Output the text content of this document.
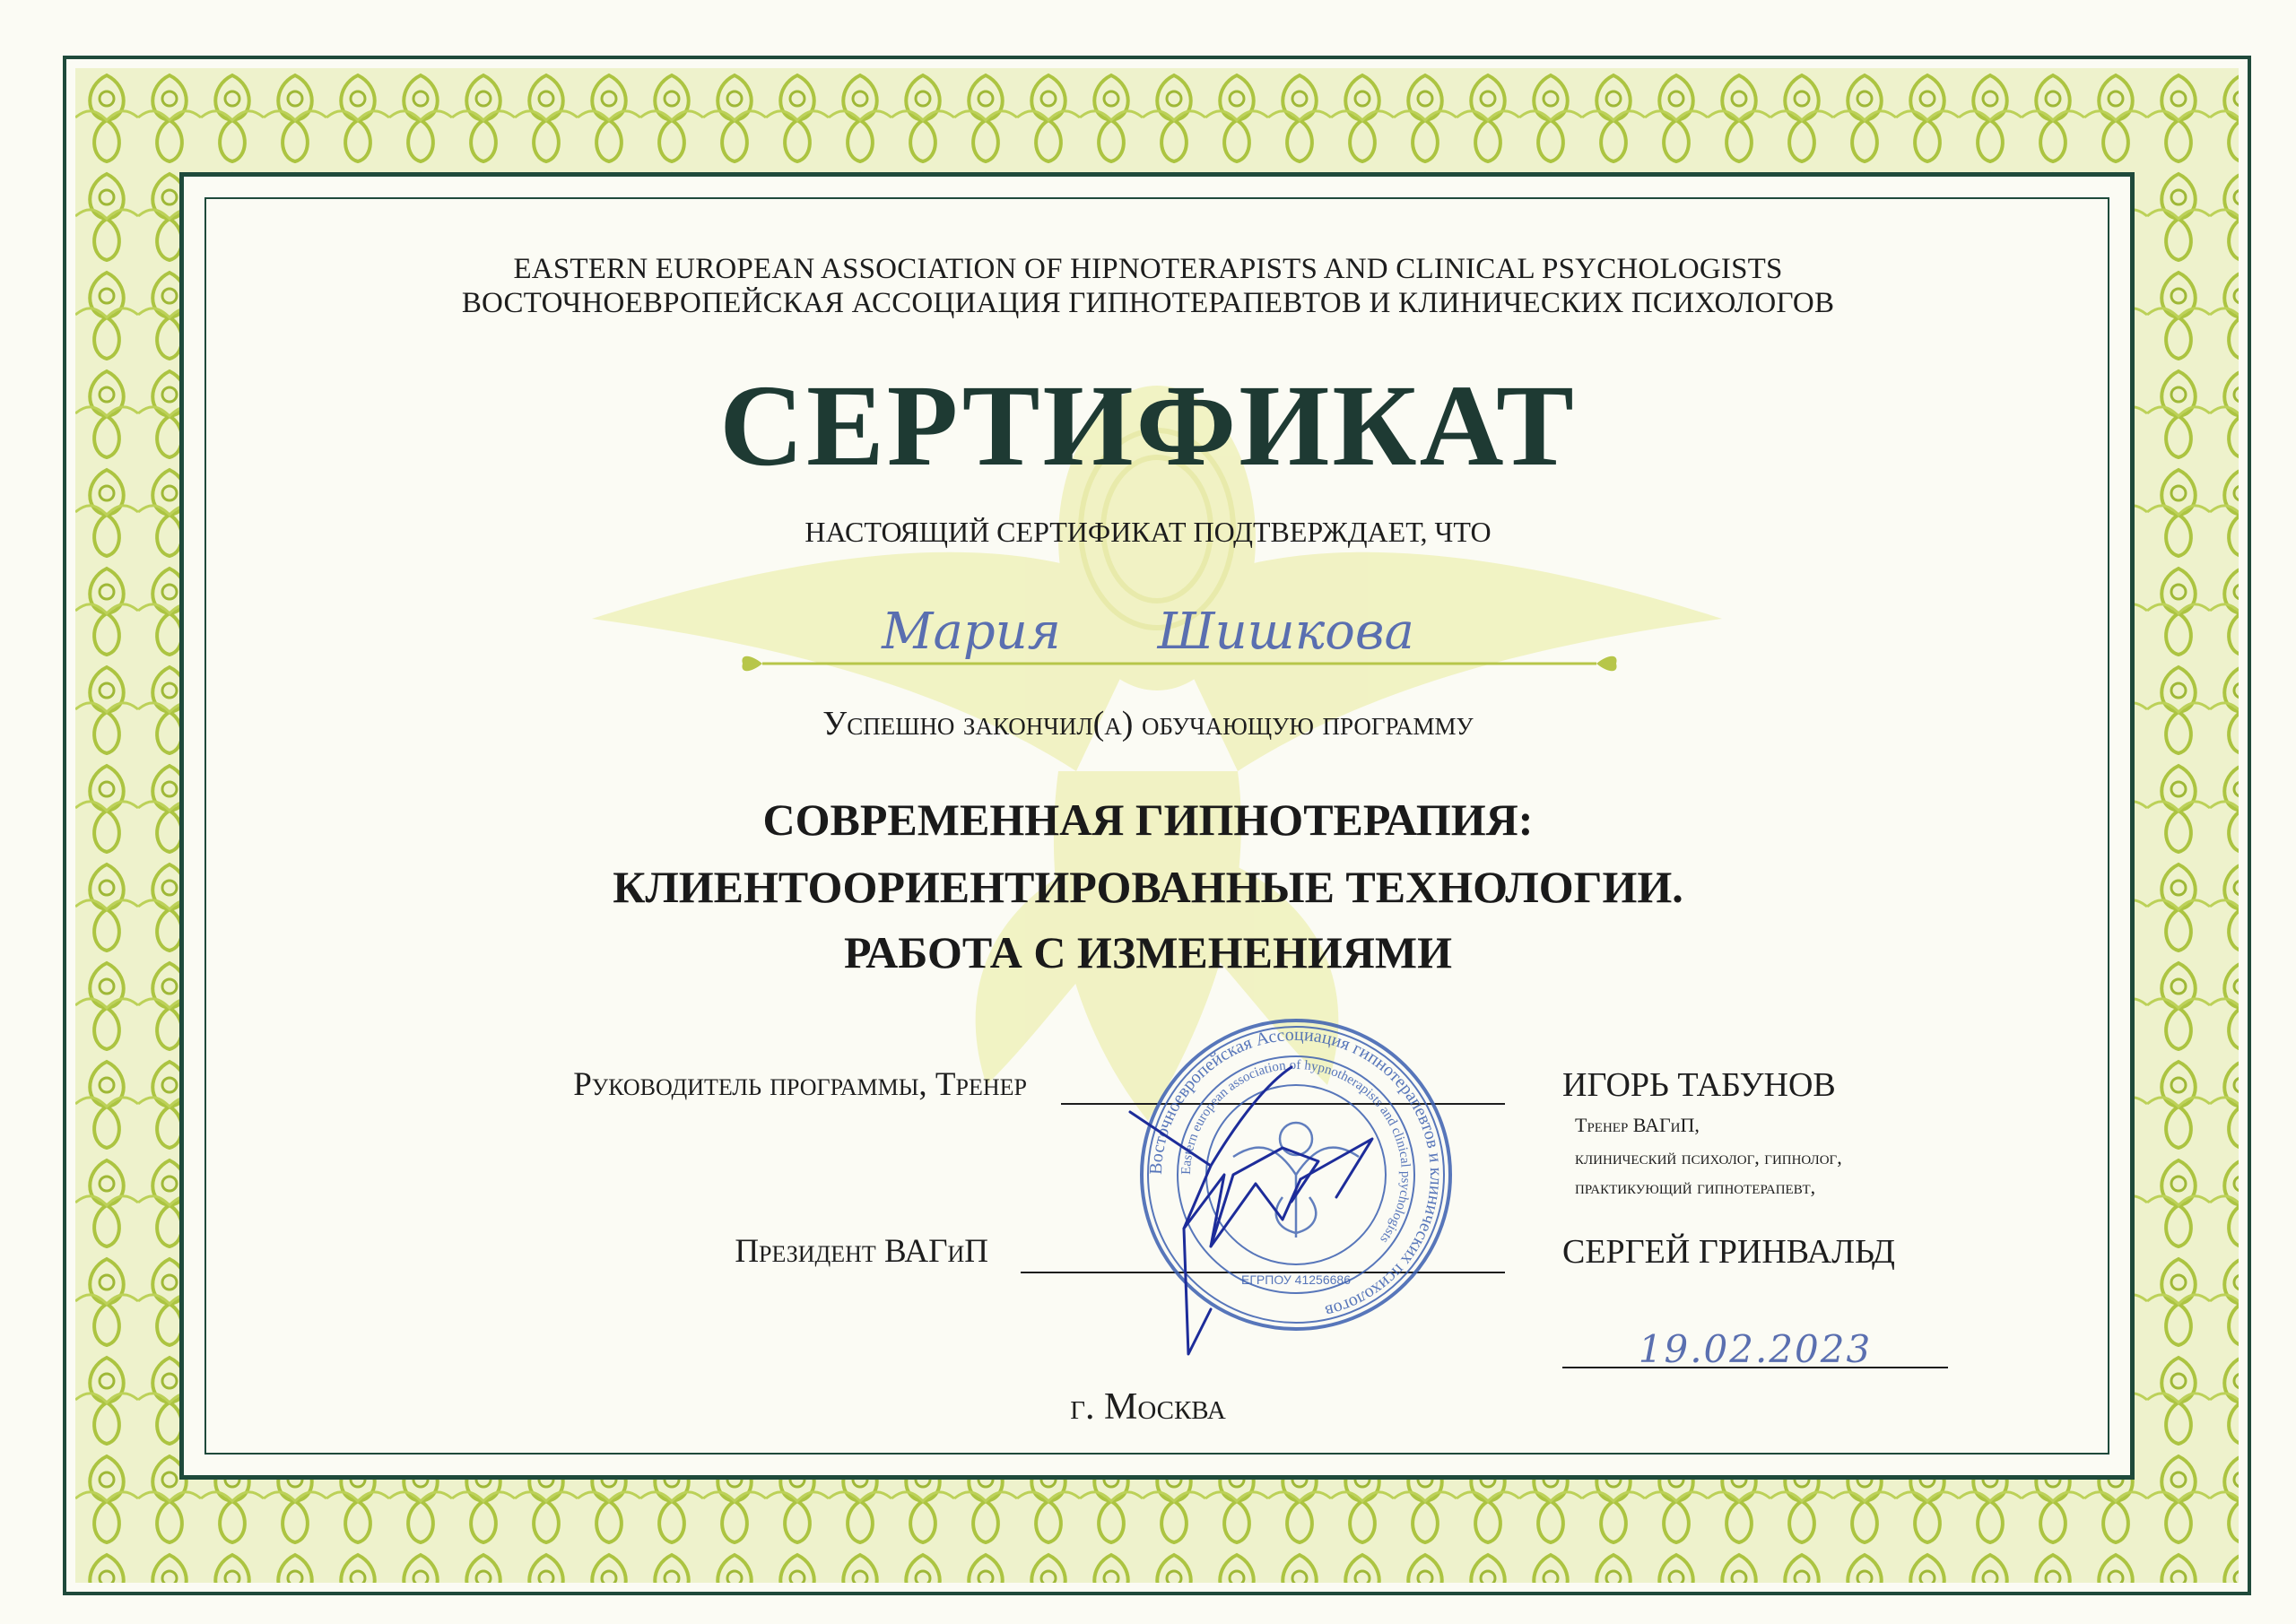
EASTERN EUROPEAN ASSOCIATION OF HIPNOTERAPISTS AND CLINICAL PSYCHOLOGISTS
ВОСТОЧНОЕВРОПЕЙСКАЯ АССОЦИАЦИЯ ГИПНОТЕРАПЕВТОВ И КЛИНИЧЕСКИХ ПСИХОЛОГОВ
СЕРТИФИКАТ
НАСТОЯЩИЙ СЕРТИФИКАТ ПОДТВЕРЖДАЕТ, ЧТО
Мария Шишкова
Успешно закончил(а) обучающую программу
СОВРЕМЕННАЯ ГИПНОТЕРАПИЯ:
КЛИЕНТООРИЕНТИРОВАННЫЕ ТЕХНОЛОГИИ.
РАБОТА С ИЗМЕНЕНИЯМИ
Руководитель программы, Тренер	ИГОРЬ ТАБУНОВ
Тренер ВАГиП,
клинический психолог, гипнолог,
практикующий гипнотерапевт,
Президент ВАГиП	СЕРГЕЙ ГРИНВАЛЬД
19.02.2023
г. Москва
Восточноевропейская Ассоциация гипнотерапевтов и клинических психологов
Eastern european association of hypnotherapists and clinical psychologists
ЕГРПОУ 41256686
